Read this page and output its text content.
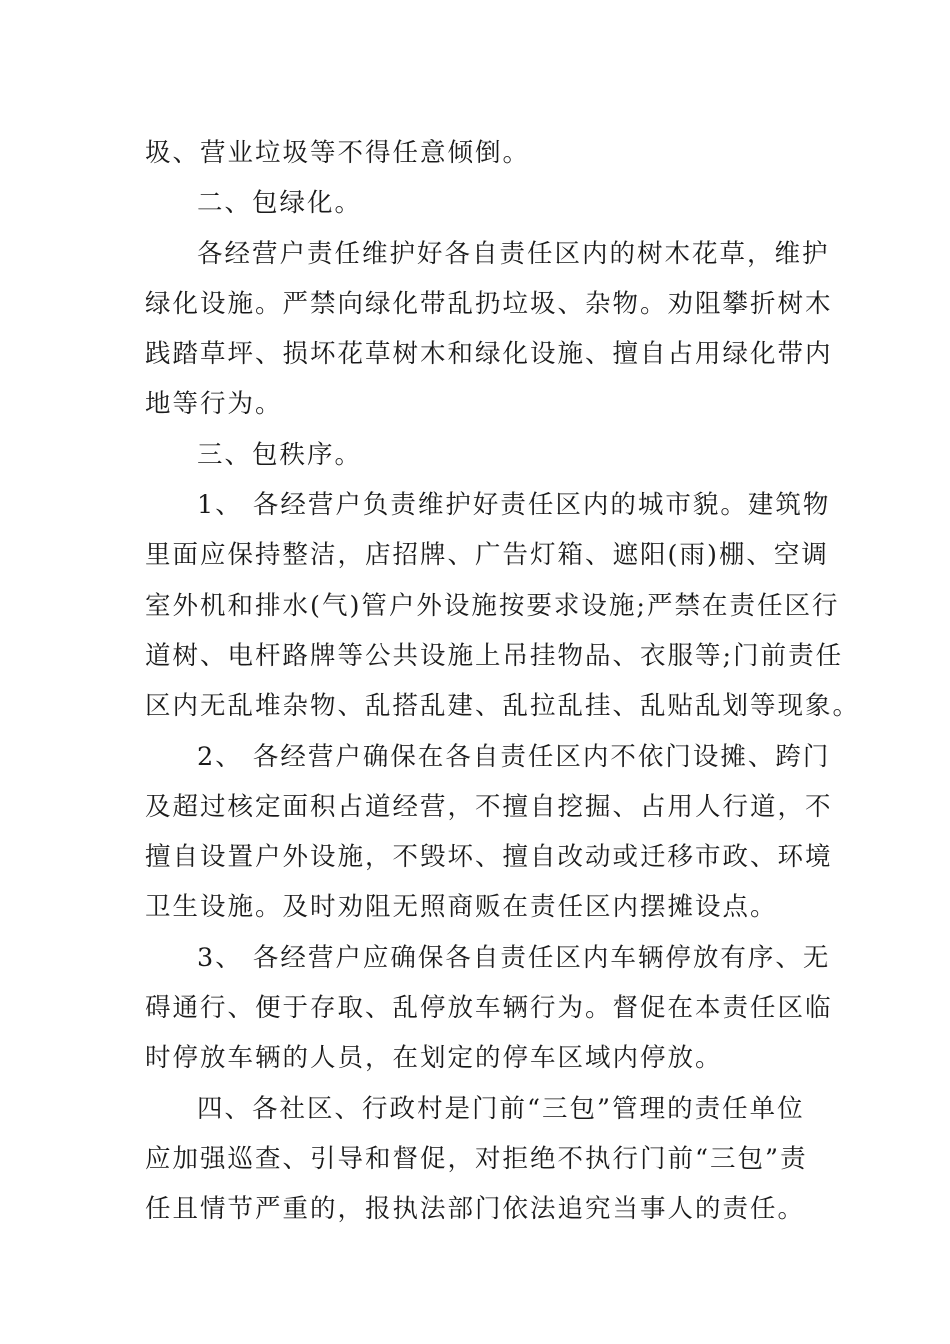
圾、营业垃圾等不得任意倾倒。
二、包绿化。
各经营户责任维护好各自责任区内的树木花草，维护
绿化设施。严禁向绿化带乱扔垃圾、杂物。劝阻攀折树木
践踏草坪、损坏花草树木和绿化设施、擅自占用绿化带内
地等行为。
三、包秩序。
1、 各经营户负责维护好责任区内的城市貌。建筑物
里面应保持整洁，店招牌、广告灯箱、遮阳(雨)棚、空调
室外机和排水(气)管户外设施按要求设施;严禁在责任区行
道树、电杆路牌等公共设施上吊挂物品、衣服等;门前责任
区内无乱堆杂物、乱搭乱建、乱拉乱挂、乱贴乱划等现象。
2、 各经营户确保在各自责任区内不依门设摊、跨门
及超过核定面积占道经营，不擅自挖掘、占用人行道，不
擅自设置户外设施，不毁坏、擅自改动或迁移市政、环境
卫生设施。及时劝阻无照商贩在责任区内摆摊设点。
3、 各经营户应确保各自责任区内车辆停放有序、无
碍通行、便于存取、乱停放车辆行为。督促在本责任区临
时停放车辆的人员，在划定的停车区域内停放。
四、各社区、行政村是门前“三包”管理的责任单位
应加强巡查、引导和督促，对拒绝不执行门前“三包”责
任且情节严重的，报执法部门依法追究当事人的责任。
